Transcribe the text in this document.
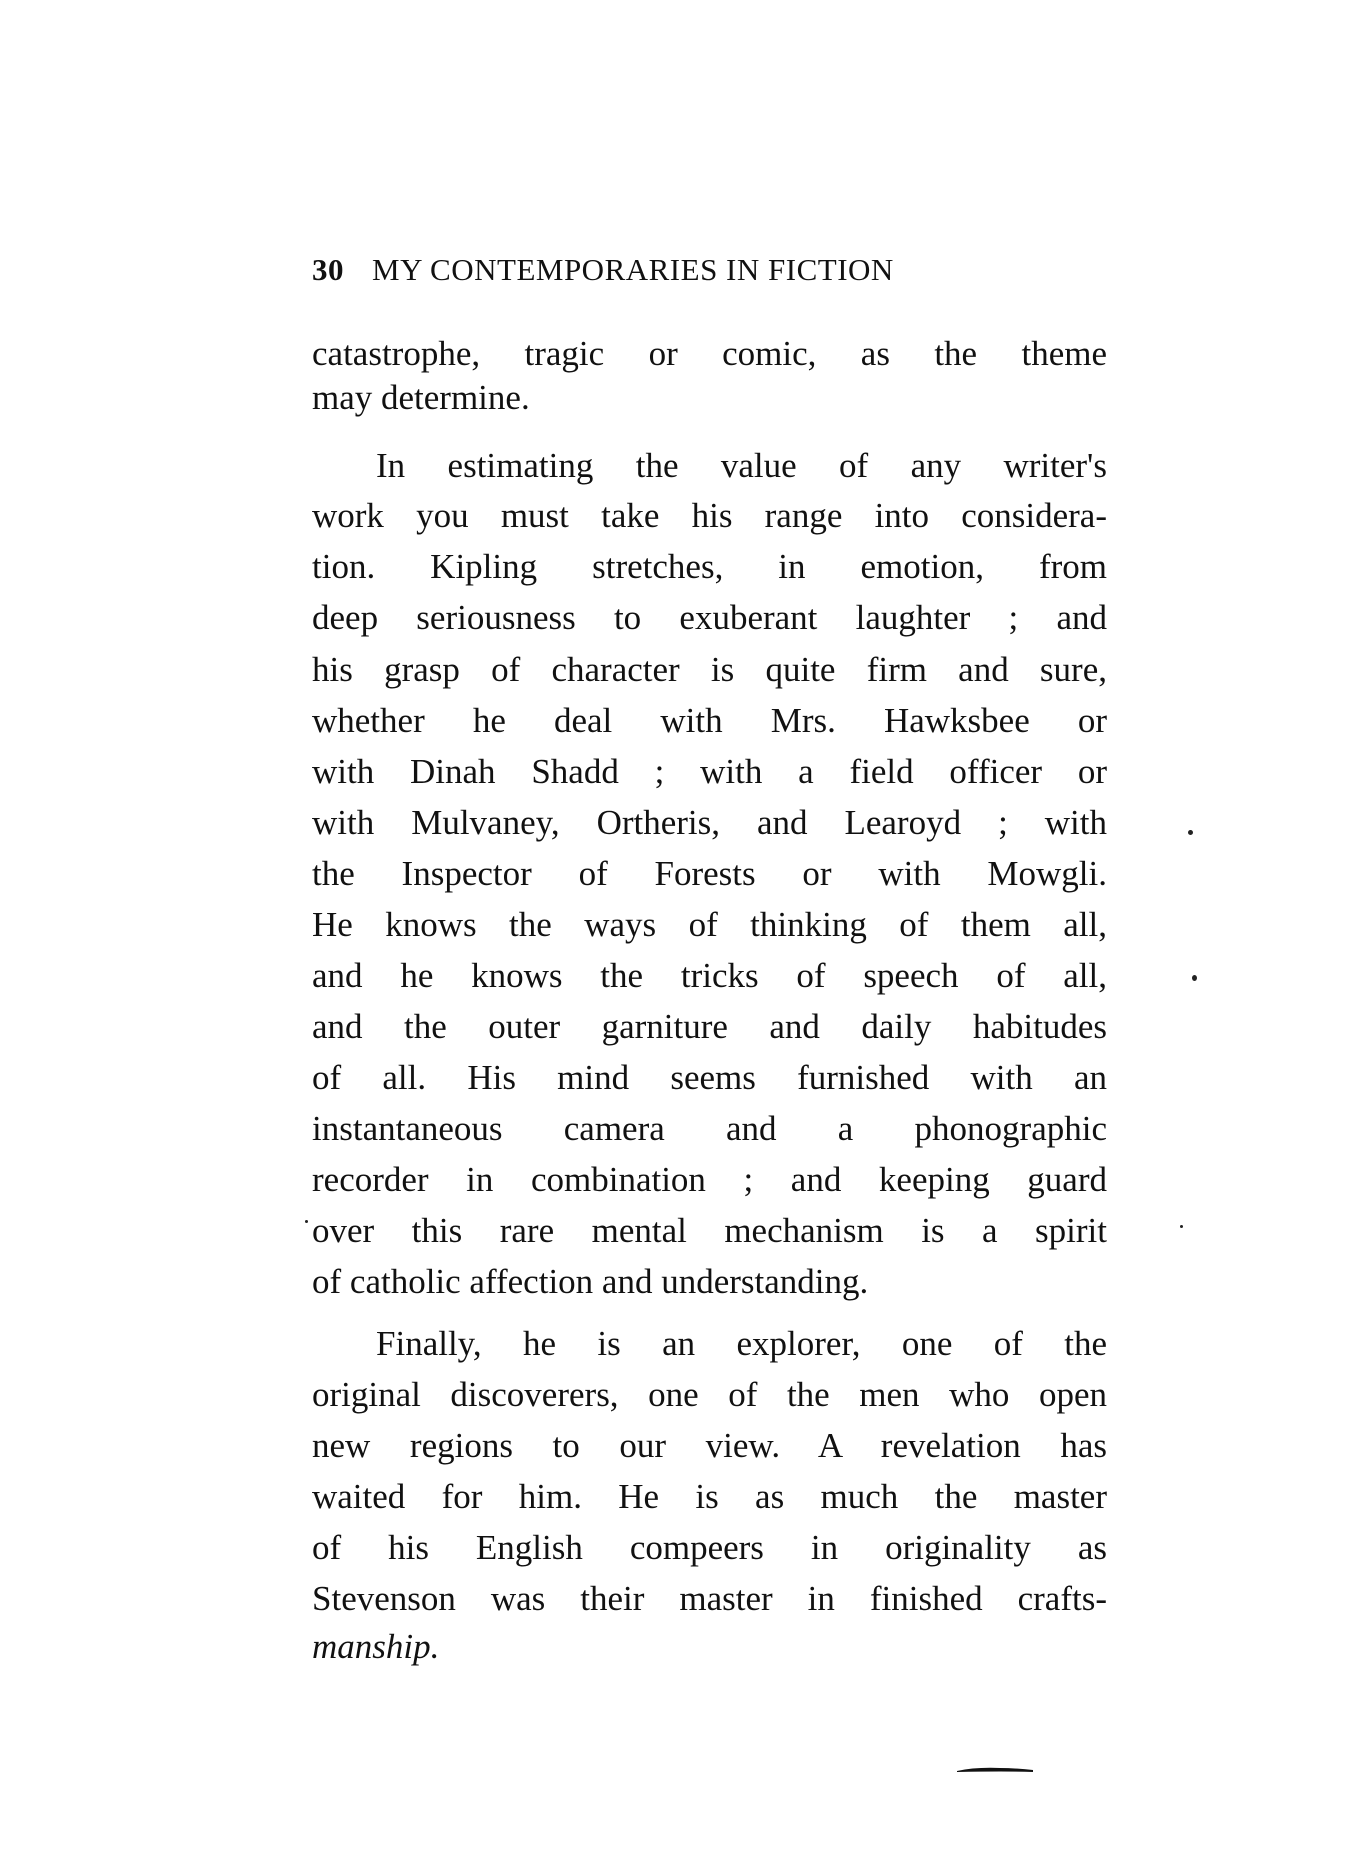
30 MY CONTEMPORARIES IN FICTION
catastrophe, tragic or comic, as the theme
may determine.
In estimating the value of any writer's
work you must take his range into considera-
tion. Kipling stretches, in emotion, from
deep seriousness to exuberant laughter ; and
his grasp of character is quite firm and sure,
whether he deal with Mrs. Hawksbee or
with Dinah Shadd ; with a field officer or
with Mulvaney, Ortheris, and Learoyd ; with
the Inspector of Forests or with Mowgli.
He knows the ways of thinking of them all,
and he knows the tricks of speech of all,
and the outer garniture and daily habitudes
of all. His mind seems furnished with an
instantaneous camera and a phonographic
recorder in combination ; and keeping guard
over this rare mental mechanism is a spirit
of catholic affection and understanding.
Finally, he is an explorer, one of the
original discoverers, one of the men who open
new regions to our view. A revelation has
waited for him. He is as much the master
of his English compeers in originality as
Stevenson was their master in finished crafts-
manship.
